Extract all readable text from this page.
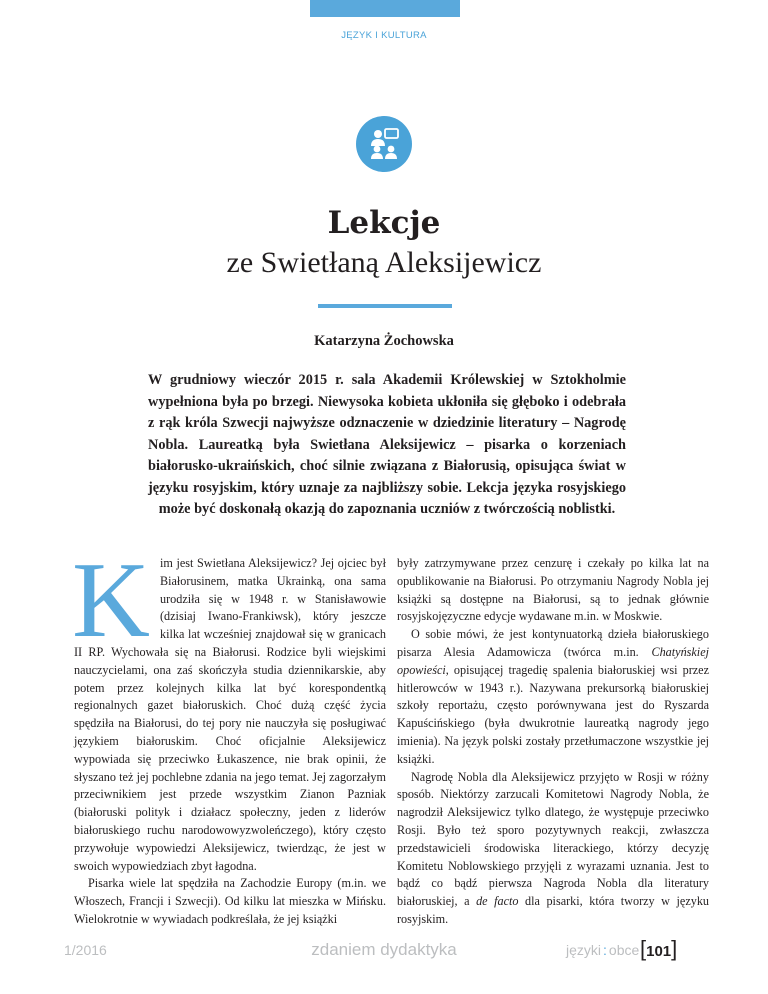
JĘZYK I KULTURA
Lekcje
ze Swietłaną Aleksijewicz
Katarzyna Żochowska
W grudniowy wieczór 2015 r. sala Akademii Królewskiej w Sztokholmie wypełniona była po brzegi. Niewysoka kobieta ukłoniła się głęboko i odebrała z rąk króla Szwecji najwyższe odznaczenie w dziedzinie literatury – Nagrodę Nobla. Laureatką była Swietłana Aleksijewicz – pisarka o korzeniach białorusko-ukraińskich, choć silnie związana z Białorusią, opisująca świat w języku rosyjskim, który uznaje za najbliższy sobie. Lekcja języka rosyjskiego może być doskonałą okazją do zapoznania uczniów z twórczością noblistki.

Kim jest Swietłana Aleksijewicz? Jej ojciec był Białorusinem, matka Ukrainką, ona sama urodziła się w 1948 r. w Stanisławowie (dzisiaj Iwano-Frankiwsk), który jeszcze kilka lat wcześniej znajdował się w granicach II RP. Wychowała się na Białorusi. Rodzice byli wiejskimi nauczycielami, ona zaś skończyła studia dziennikarskie, aby potem przez kolejnych kilka lat być korespondentką regionalnych gazet białoruskich. Choć dużą część życia spędziła na Białorusi, do tej pory nie nauczyła się posługiwać językiem białoruskim. Choć oficjalnie Aleksijewicz wypowiada się przeciwko Łukaszence, nie brak opinii, że słyszano też jej pochlebne zdania na jego temat. Jej zagorzałym przeciwnikiem jest przede wszystkim Zianon Pazniak (białoruski polityk i działacz społeczny, jeden z liderów białoruskiego ruchu narodowowyzwoleńczego), który często przywołuje wypowiedzi Aleksijewicz, twierdząc, że jest w swoich wypowiedziach zbyt łagodna.

Pisarka wiele lat spędziła na Zachodzie Europy (m.in. we Włoszech, Francji i Szwecji). Od kilku lat mieszka w Mińsku. Wielokrotnie w wywiadach podkreślała, że jej książki

były zatrzymywane przez cenzurę i czekały po kilka lat na opublikowanie na Białorusi. Po otrzymaniu Nagrody Nobla jej książki są dostępne na Białorusi, są to jednak głównie rosyjskojęzyczne edycje wydawane m.in. w Moskwie.

O sobie mówi, że jest kontynuatorką dzieła białoruskiego pisarza Alesia Adamowicza (twórca m.in. Chatyńskiej opowieści, opisującej tragedię spalenia białoruskiej wsi przez hitlerowców w 1943 r.). Nazywana prekursorką białoruskiej szkoły reportażu, często porównywana jest do Ryszarda Kapuścińskiego (była dwukrotnie laureatką nagrody jego imienia). Na język polski zostały przetłumaczone wszystkie jej książki.

Nagrodę Nobla dla Aleksijewicz przyjęto w Rosji w różny sposób. Niektórzy zarzucali Komitetowi Nagrody Nobla, że nagrodził Aleksijewicz tylko dlatego, że występuje przeciwko Rosji. Było też sporo pozytywnych reakcji, zwłaszcza przedstawicieli środowiska literackiego, którzy decyzję Komitetu Noblowskiego przyjęli z wyrazami uznania. Jest to bądź co bądź pierwsza Nagroda Nobla dla literatury białoruskiej, a de facto dla pisarki, która tworzy w języku rosyjskim.

1/2016	zdaniem dydaktyka	języki : obce [101]
